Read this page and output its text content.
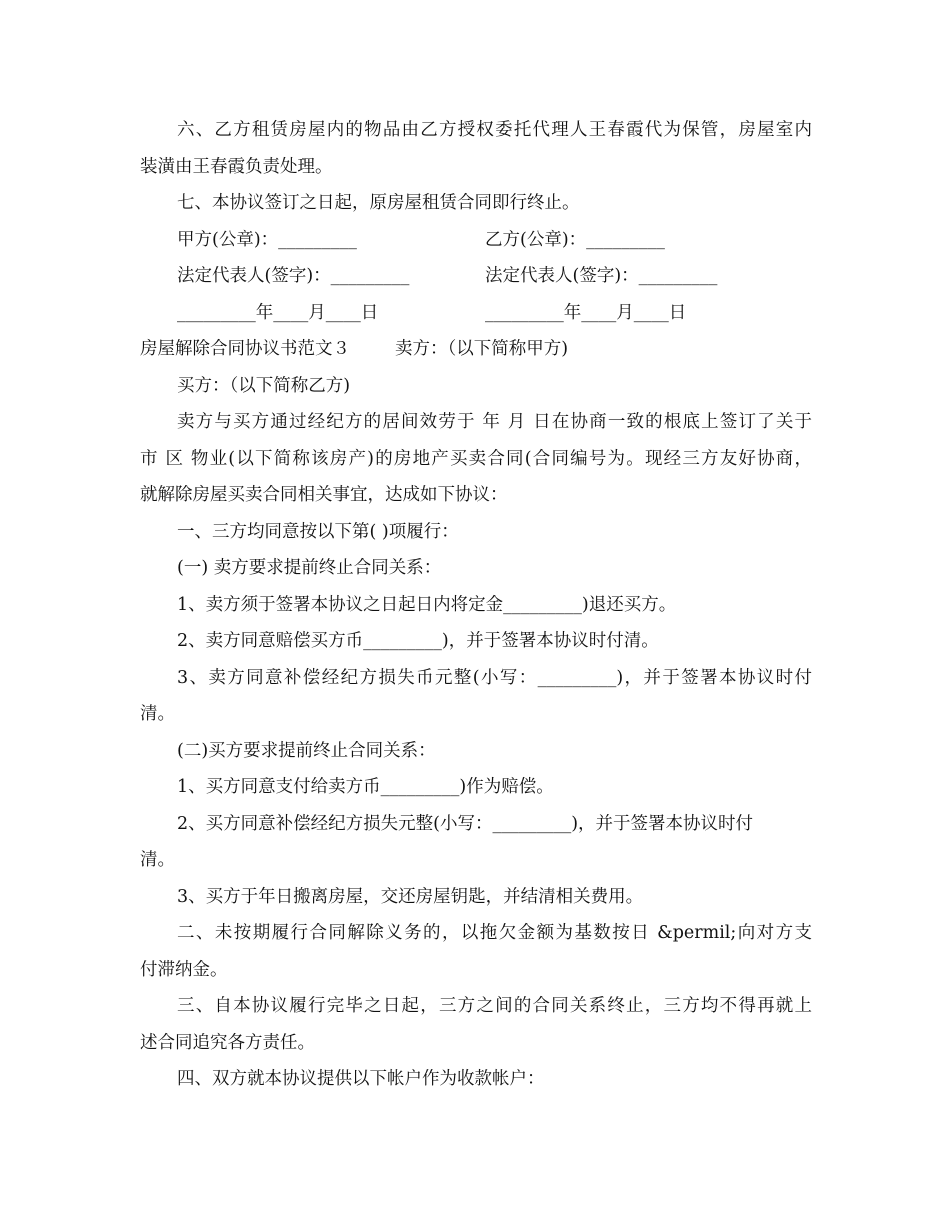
六、乙方租赁房屋内的物品由乙方授权委托代理人王春霞代为保管，房屋室内
装潢由王春霞负责处理。
七、本协议签订之日起，原房屋租赁合同即行终止。
甲方(公章)：_________	乙方(公章)：_________
法定代表人(签字)：_________	法定代表人(签字)：_________
_________年____月____日	_________年____月____日
房屋解除合同协议书范文３	卖方：（以下简称甲方)
买方：（以下简称乙方)
卖方与买方通过经纪方的居间效劳于 年 月 日在协商一致的根底上签订了关于
市 区 物业(以下简称该房产)的房地产买卖合同(合同编号为。现经三方友好协商，
就解除房屋买卖合同相关事宜，达成如下协议：
一、三方均同意按以下第( )项履行：
(一) 卖方要求提前终止合同关系：
1、卖方须于签署本协议之日起日内将定金_________)退还买方。
2、卖方同意赔偿买方币_________)，并于签署本协议时付清。
3、卖方同意补偿经纪方损失币元整(小写：_________)，并于签署本协议时付
清。
(二)买方要求提前终止合同关系：
1、买方同意支付给卖方币_________)作为赔偿。
2、买方同意补偿经纪方损失元整(小写：_________)，并于签署本协议时付
清。
3、买方于年日搬离房屋，交还房屋钥匙，并结清相关费用。
二、未按期履行合同解除义务的，以拖欠金额为基数按日 &permil;向对方支
付滞纳金。
三、自本协议履行完毕之日起，三方之间的合同关系终止，三方均不得再就上
述合同追究各方责任。
四、双方就本协议提供以下帐户作为收款帐户：
